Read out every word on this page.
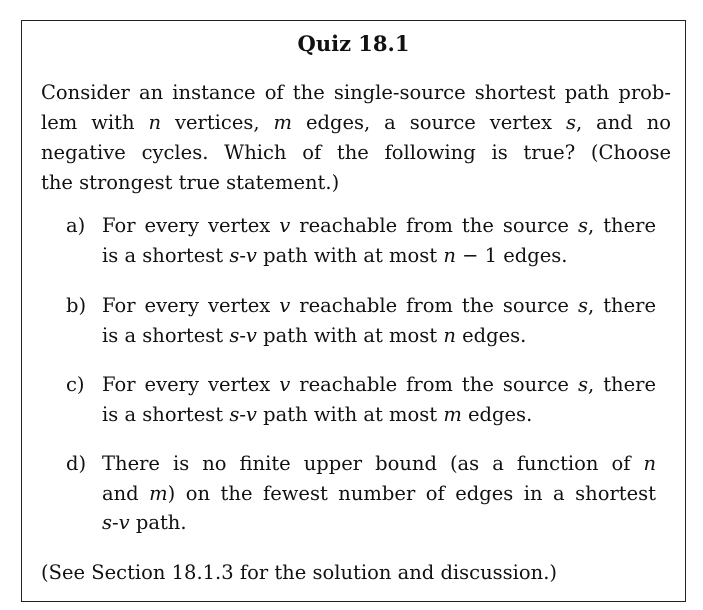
Quiz 18.1
Consider an instance of the single-source shortest path prob-
lem with n vertices, m edges, a source vertex s, and no
negative cycles. Which of the following is true? (Choose
the strongest true statement.)
a) For every vertex v reachable from the source s, there
is a shortest s-v path with at most n − 1 edges.
b) For every vertex v reachable from the source s, there
is a shortest s-v path with at most n edges.
c) For every vertex v reachable from the source s, there
is a shortest s-v path with at most m edges.
d) There is no finite upper bound (as a function of n
and m) on the fewest number of edges in a shortest
s-v path.
(See Section 18.1.3 for the solution and discussion.)
